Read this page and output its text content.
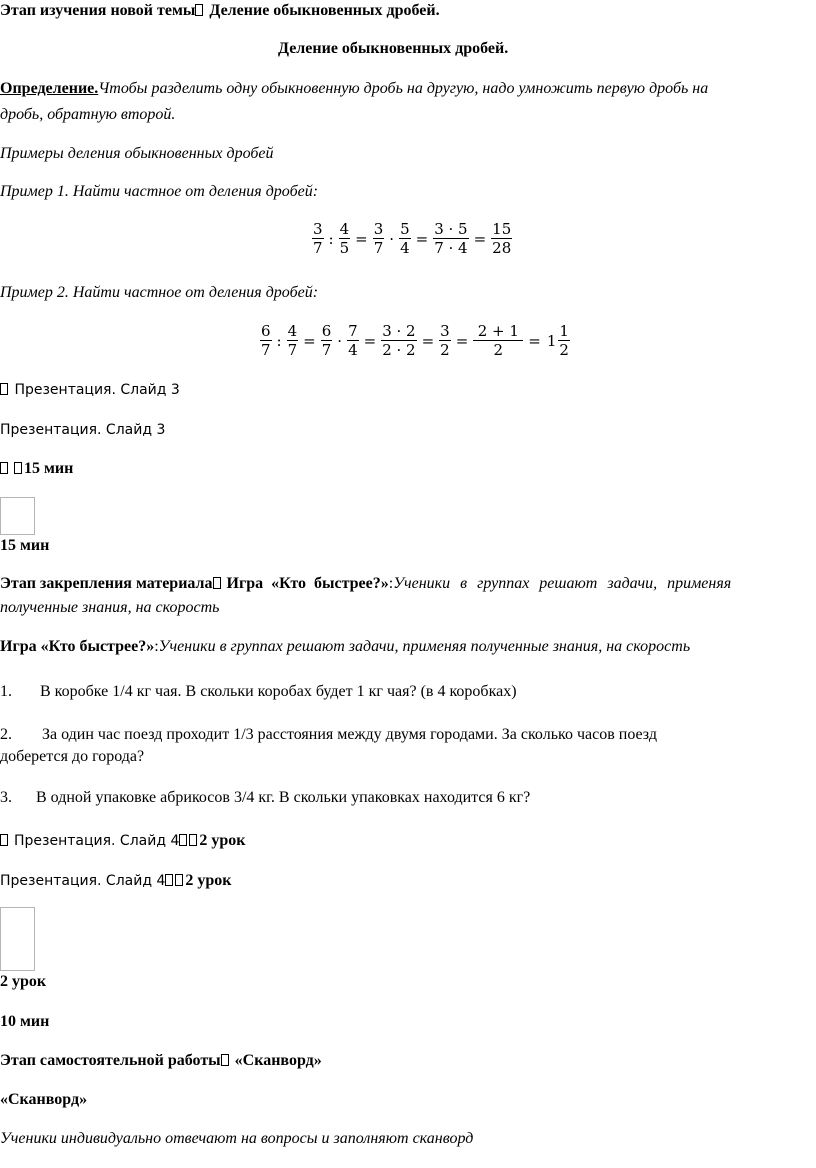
Этап изучения новой темы Деление обыкновенных дробей.
Деление обыкновенных дробей.
Определение.Чтобы разделить одну обыкновенную дробь на другую, надо умножить первую дробь на
дробь, обратную второй.
Примеры деления обыкновенных дробей
Пример 1. Найти частное от деления дробей:
$\frac{3}{7}$ : $\frac{4}{5} = \frac{3}{7} \cdot \frac{5}{4} = \frac{3 \cdot 5}{7 \cdot 4} = \frac{15}{28}$
Пример 2. Найти частное от деления дробей:
$\frac{6}{7}$ : $\frac{4}{7} = \frac{6}{7} \cdot \frac{7}{4} = \frac{3 \cdot 2}{2 \cdot 2} = \frac{3}{2} = \frac{2 + 1}{2} = 1 \frac{1}{2}$
Презентация. Слайд 3
Презентация. Слайд 3
15 мин
15 мин
Этап закрепления материала Игра «Кто быстрее?»:Ученики в группах решают задачи, применяя
полученные знания, на скорость
Игра «Кто быстрее?»:Ученики в группах решают задачи, применяя полученные знания, на скорость
1. В коробке 1/4 кг чая. В скольки коробах будет 1 кг чая? (в 4 коробках)
2. За один час поезд проходит 1/3 расстояния между двумя городами. За сколько часов поезд
доберется до города?
3. В одной упаковке абрикосов 3/4 кг. В скольки упаковках находится 6 кг?
Презентация. Слайд 4 2 урок
Презентация. Слайд 4 2 урок
2 урок
10 мин
Этап самостоятельной работы «Сканворд»
«Сканворд»
Ученики индивидуально отвечают на вопросы и заполняют сканворд
